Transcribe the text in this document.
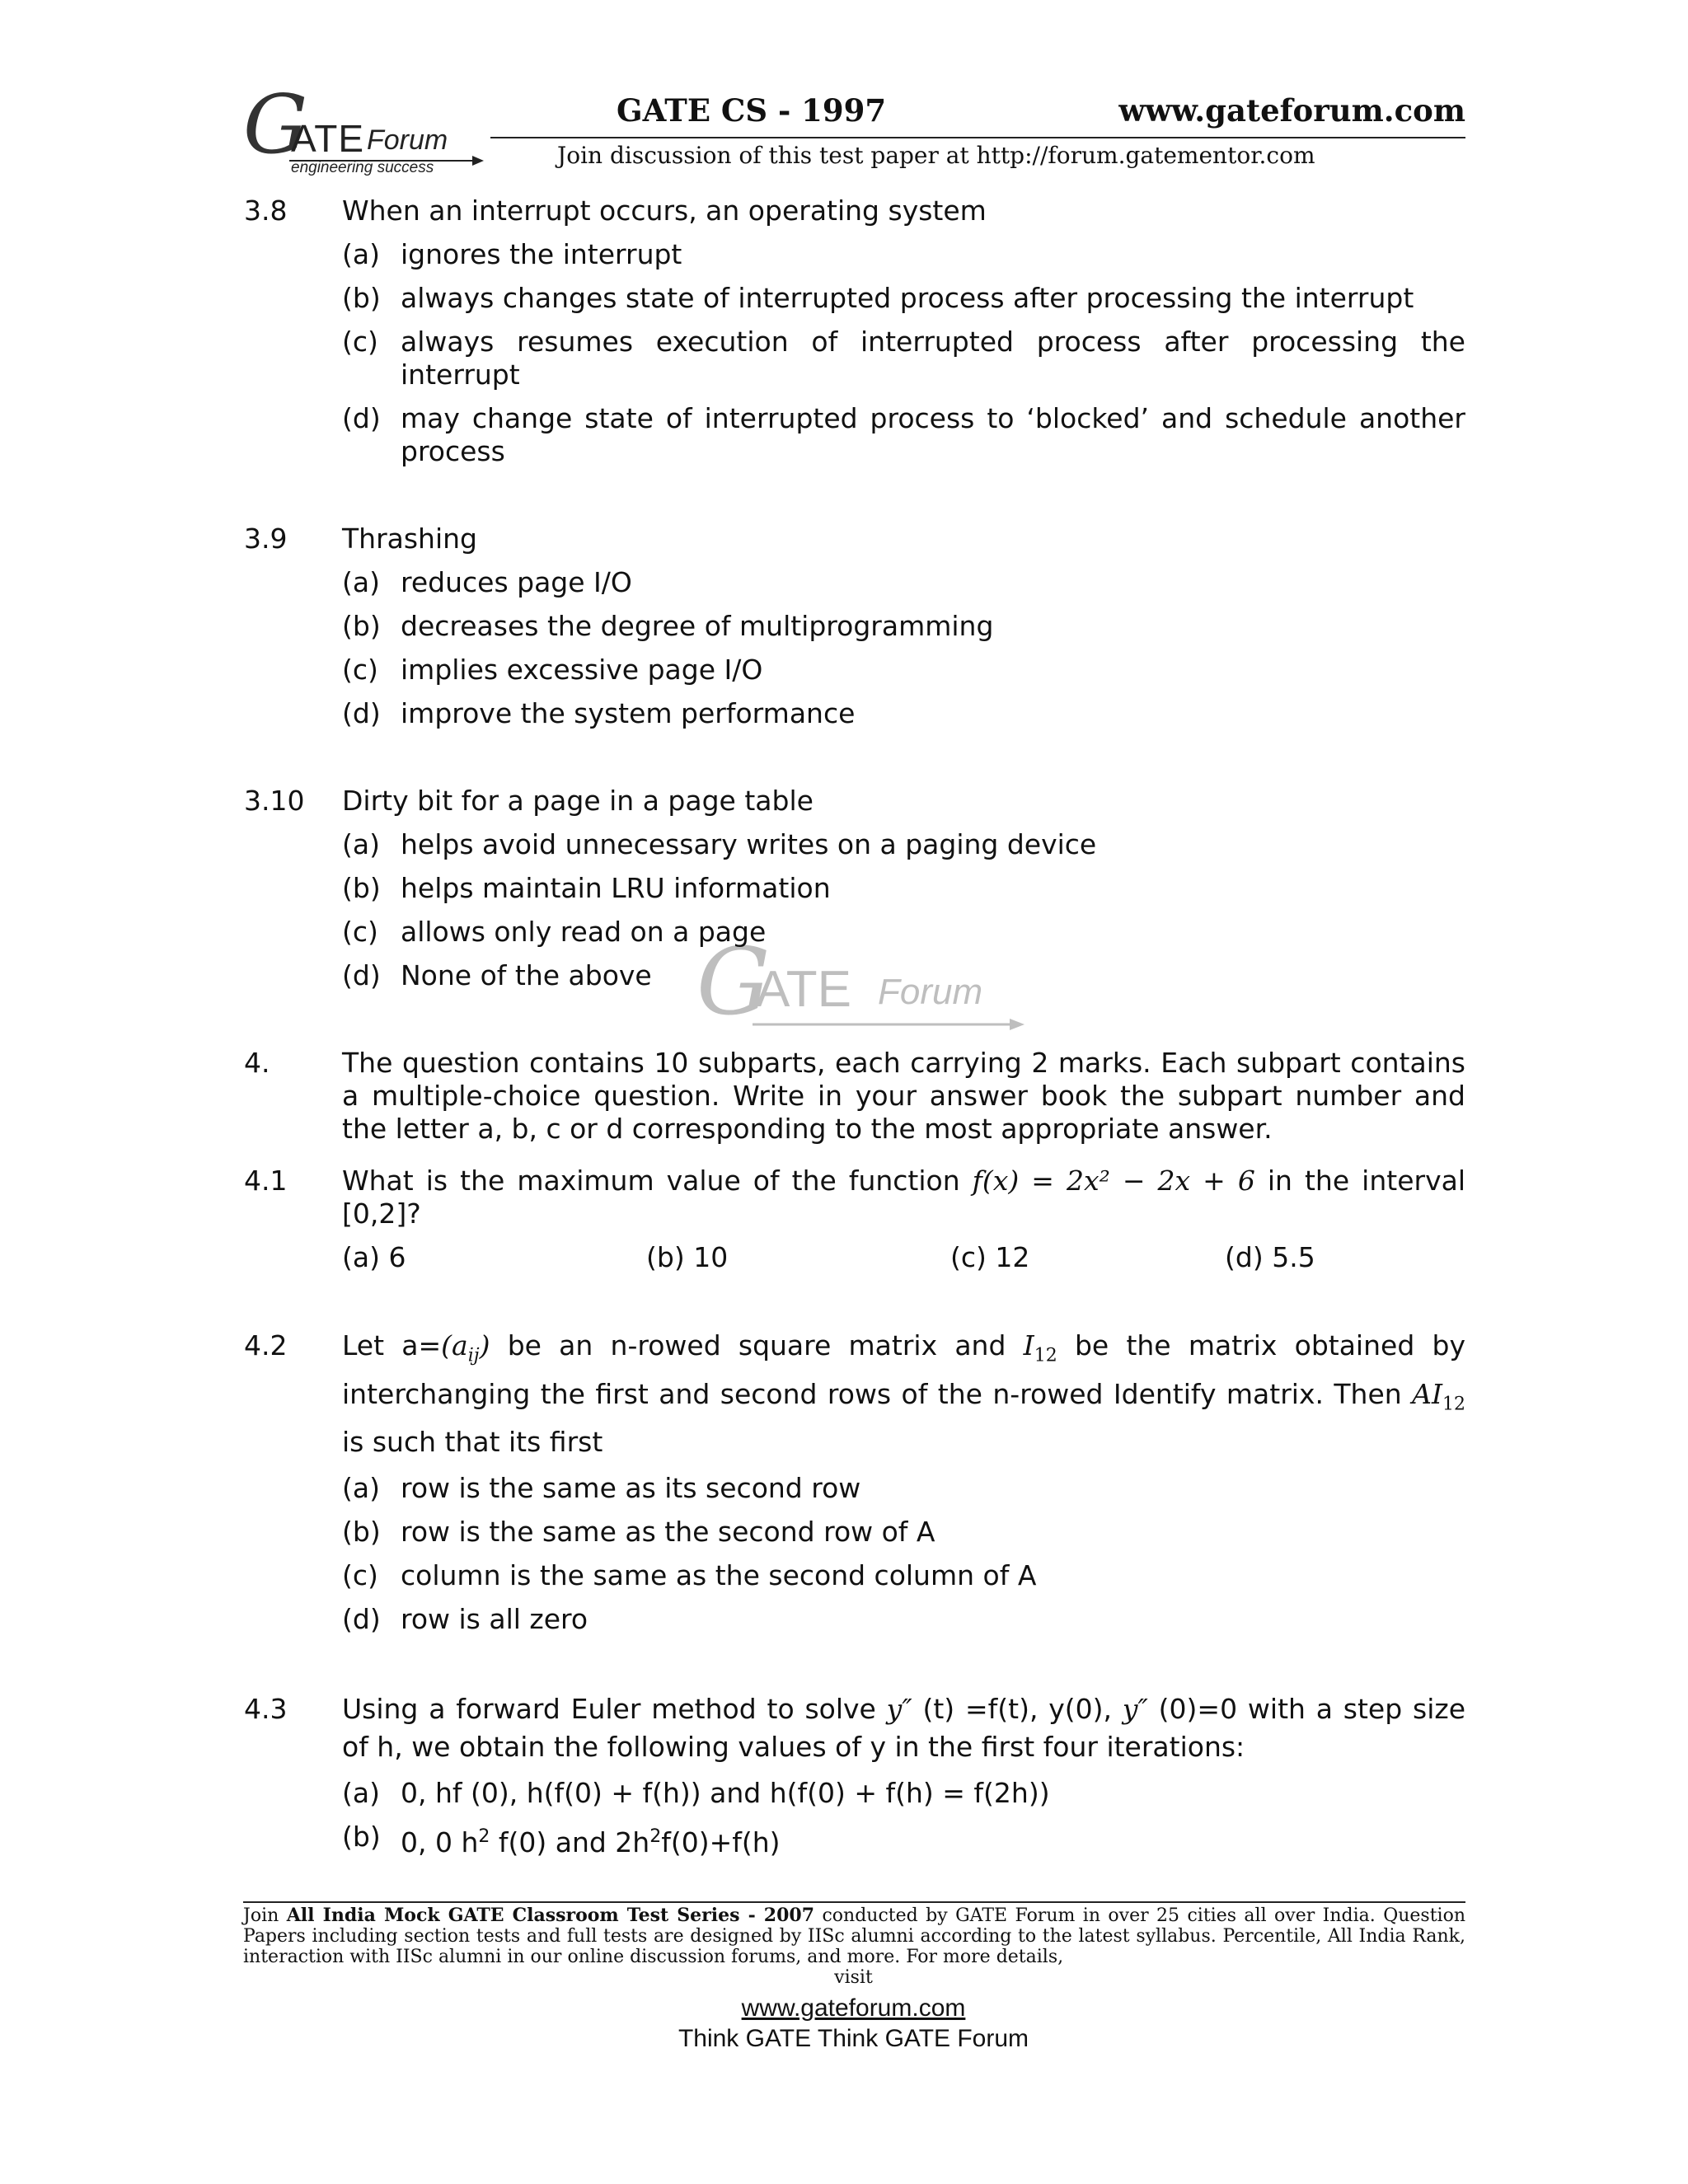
G
ATE Forum
engineering success
GATE CS - 1997	www.gateforum.com
Join discussion of this test paper at http://forum.gatementor.com
G
ATE Forum
3.8	When an interrupt occurs, an operating system
(a) ignores the interrupt
(b) always changes state of interrupted process after processing the interrupt
(c) always resumes execution of interrupted process after processing the interrupt
(d) may change state of interrupted process to ‘blocked’ and schedule another process
3.9	Thrashing
(a) reduces page I/O
(b) decreases the degree of multiprogramming
(c) implies excessive page I/O
(d) improve the system performance
3.10	Dirty bit for a page in a page table
(a) helps avoid unnecessary writes on a paging device
(b) helps maintain LRU information
(c) allows only read on a page
(d) None of the above
4.	The question contains 10 subparts, each carrying 2 marks. Each subpart contains a multiple-choice question. Write in your answer book the subpart number and the letter a, b, c or d corresponding to the most appropriate answer.
4.1	What is the maximum value of the function f(x) = 2x² − 2x + 6 in the interval [0,2]?
(a) 6	(b) 10	(c) 12	(d) 5.5
4.2	Let $a=(a_{ij})$ be an n-rowed square matrix and $I_{12}$ be the matrix obtained by interchanging the first and second rows of the n-rowed Identify matrix. Then $AI_{12}$ is such that its first
(a) row is the same as its second row
(b) row is the same as the second row of A
(c) column is the same as the second column of A
(d) row is all zero
4.3	Using a forward Euler method to solve y″ (t) =f(t), y(0), y″ (0)=0 with a step size of h, we obtain the following values of y in the first four iterations:
(a) 0, hf (0), h(f(0) + f(h)) and h(f(0) + f(h) = f(2h))
(b) 0, 0 $h^2$ f(0) and $2h^2f(0)+f(h)$
Join All India Mock GATE Classroom Test Series - 2007 conducted by GATE Forum in over 25 cities all over India. Question Papers including section tests and full tests are designed by IISc alumni according to the latest syllabus. Percentile, All India Rank, interaction with IISc alumni in our online discussion forums, and more. For more details,
visit
www.gateforum.com
Think GATE Think GATE Forum
